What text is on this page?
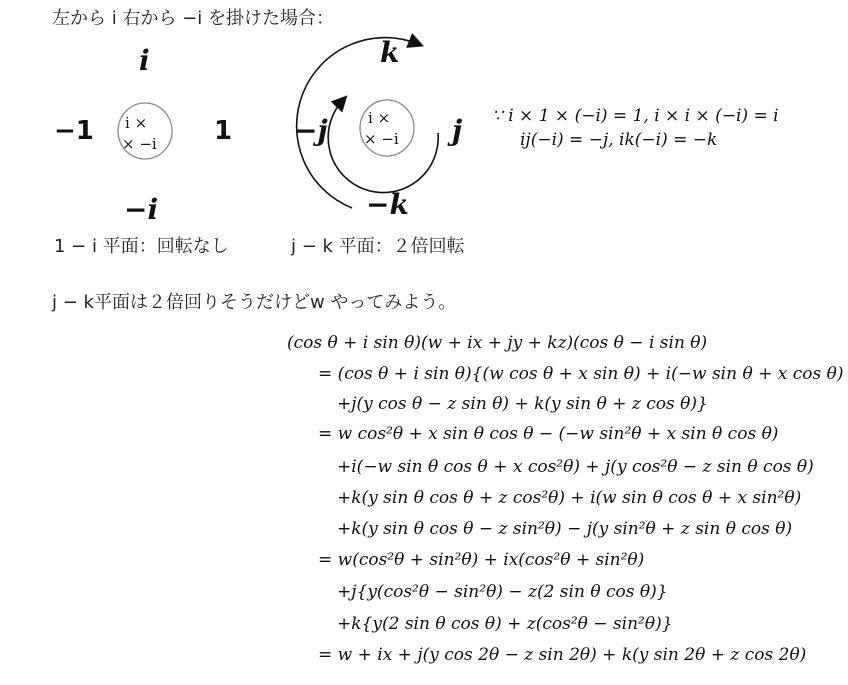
左から i 右から −i を掛けた場合：
i
−1	1
−i
i ×
× −i
1 − i 平面：回転なし
k
−j	j
−k
i ×
× −i
j − k 平面：２倍回転
∵ i × 1 × (−i) = 1, i × i × (−i) = i
ij(−i) = −j, ik(−i) = −k
j − k平面は２倍回りそうだけどw やってみよう。
(cos θ + i sin θ)(w + ix + jy + kz)(cos θ − i sin θ)
= (cos θ + i sin θ){(w cos θ + x sin θ) + i(−w sin θ + x cos θ)
+j(y cos θ − z sin θ) + k(y sin θ + z cos θ)}
= w cos²θ + x sin θ cos θ − (−w sin²θ + x sin θ cos θ)
+i(−w sin θ cos θ + x cos²θ) + j(y cos²θ − z sin θ cos θ)
+k(y sin θ cos θ + z cos²θ) + i(w sin θ cos θ + x sin²θ)
+k(y sin θ cos θ − z sin²θ) − j(y sin²θ + z sin θ cos θ)
= w(cos²θ + sin²θ) + ix(cos²θ + sin²θ)
+j{y(cos²θ − sin²θ) − z(2 sin θ cos θ)}
+k{y(2 sin θ cos θ) + z(cos²θ − sin²θ)}
= w + ix + j(y cos 2θ − z sin 2θ) + k(y sin 2θ + z cos 2θ)
